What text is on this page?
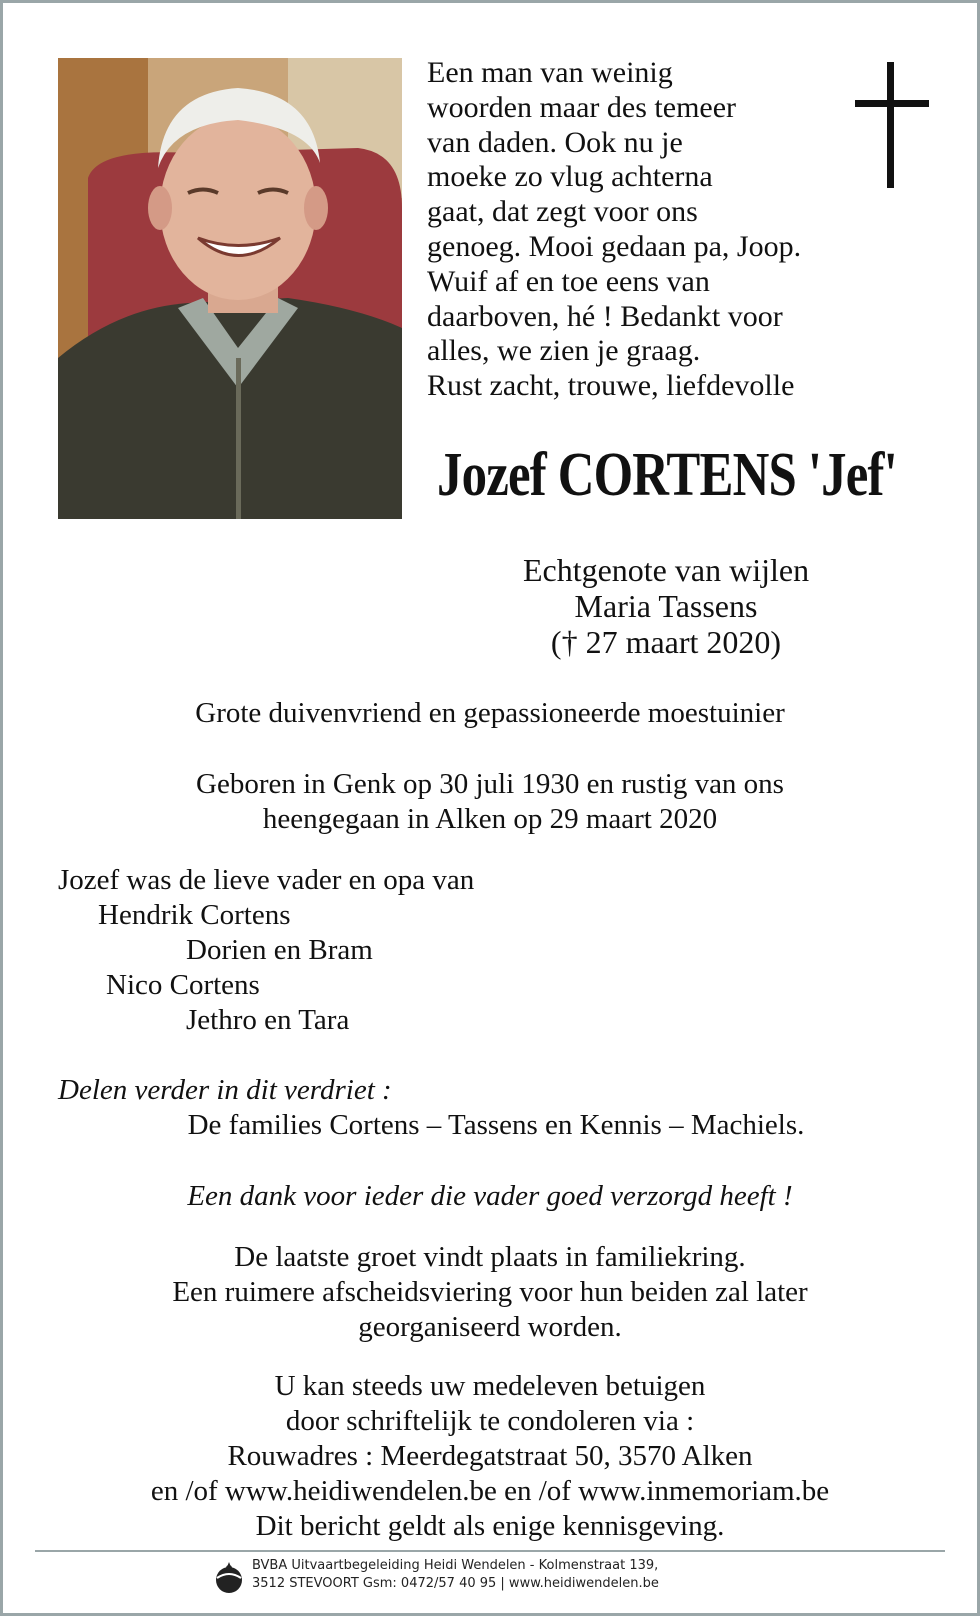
Een man van weinig
woorden maar des temeer
van daden. Ook nu je
moeke zo vlug achterna
gaat, dat zegt voor ons
genoeg. Mooi gedaan pa, Joop.
Wuif af en toe eens van
daarboven, hé ! Bedankt voor
alles, we zien je graag.
Rust zacht, trouwe, liefdevolle
Jozef CORTENS 'Jef'
Echtgenote van wijlen
Maria Tassens
(† 27 maart 2020)
Grote duivenvriend en gepassioneerde moestuinier
Geboren in Genk op 30 juli 1930 en rustig van ons
heengegaan in Alken op 29 maart 2020
Jozef was de lieve vader en opa van
Hendrik Cortens
Dorien en Bram
Nico Cortens
Jethro en Tara
Delen verder in dit verdriet :
De families Cortens – Tassens en Kennis – Machiels.
Een dank voor ieder die vader goed verzorgd heeft !
De laatste groet vindt plaats in familiekring.
Een ruimere afscheidsviering voor hun beiden zal later
georganiseerd worden.
U kan steeds uw medeleven betuigen
door schriftelijk te condoleren via :
Rouwadres : Meerdegatstraat 50, 3570 Alken
en /of www.heidiwendelen.be en /of www.inmemoriam.be
Dit bericht geldt als enige kennisgeving.
BVBA Uitvaartbegeleiding Heidi Wendelen - Kolmenstraat 139,
3512 STEVOORT Gsm: 0472/57 40 95 | www.heidiwendelen.be
